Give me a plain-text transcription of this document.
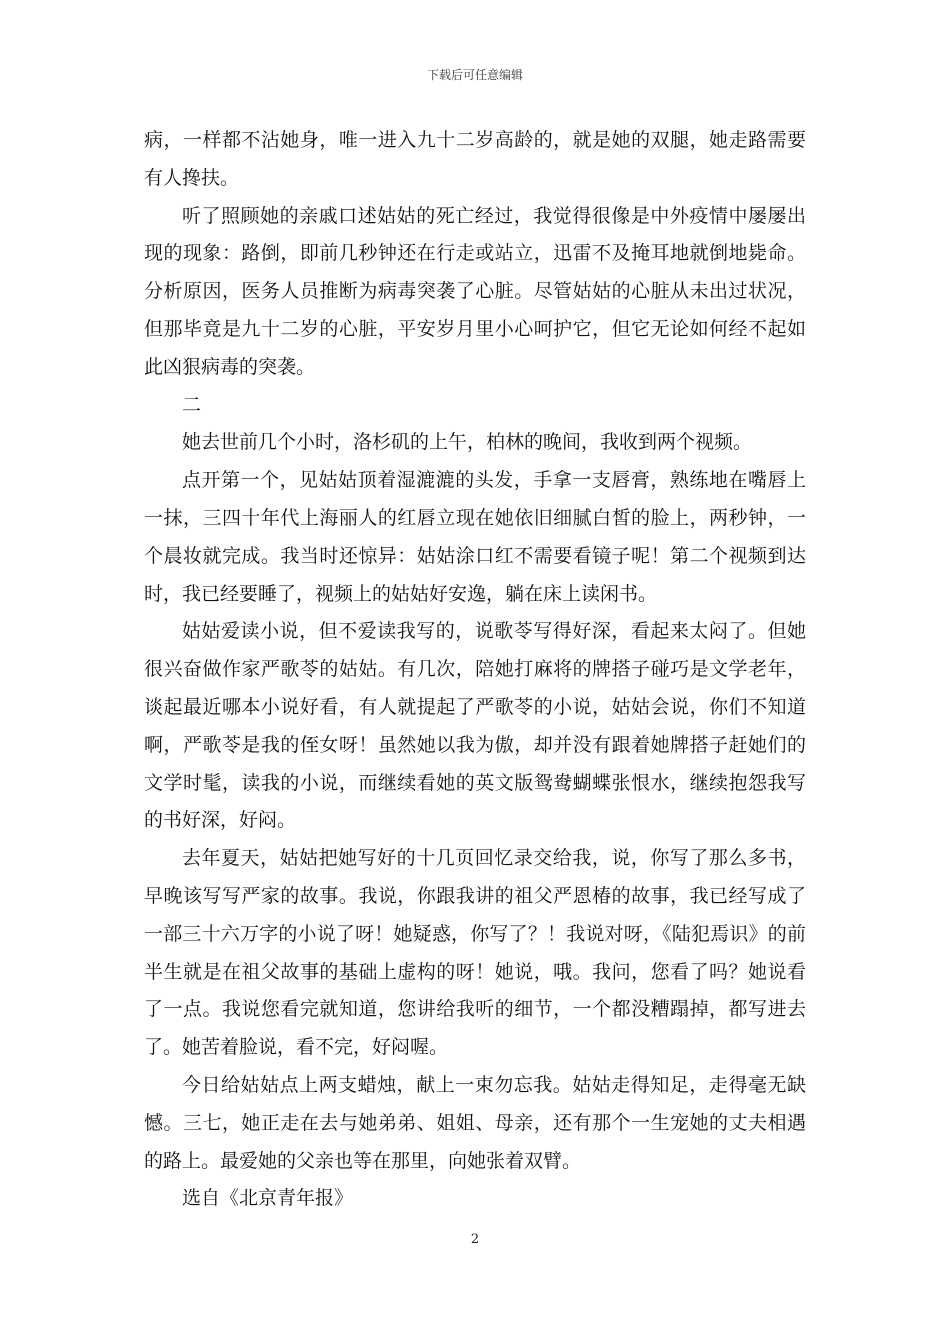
下载后可任意编辑

病，一样都不沾她身，唯一进入九十二岁高龄的，就是她的双腿，她走路需要有人搀扶。

听了照顾她的亲戚口述姑姑的死亡经过，我觉得很像是中外疫情中屡屡出现的现象：路倒，即前几秒钟还在行走或站立，迅雷不及掩耳地就倒地毙命。分析原因，医务人员推断为病毒突袭了心脏。尽管姑姑的心脏从未出过状况，但那毕竟是九十二岁的心脏，平安岁月里小心呵护它，但它无论如何经不起如此凶狠病毒的突袭。

二

她去世前几个小时，洛杉矶的上午，柏林的晚间，我收到两个视频。

点开第一个，见姑姑顶着湿漉漉的头发，手拿一支唇膏，熟练地在嘴唇上一抹，三四十年代上海丽人的红唇立现在她依旧细腻白皙的脸上，两秒钟，一个晨妆就完成。我当时还惊异：姑姑涂口红不需要看镜子呢！第二个视频到达时，我已经要睡了，视频上的姑姑好安逸，躺在床上读闲书。

姑姑爱读小说，但不爱读我写的，说歌苓写得好深，看起来太闷了。但她很兴奋做作家严歌苓的姑姑。有几次，陪她打麻将的牌搭子碰巧是文学老年，谈起最近哪本小说好看，有人就提起了严歌苓的小说，姑姑会说，你们不知道啊，严歌苓是我的侄女呀！虽然她以我为傲，却并没有跟着她牌搭子赶她们的文学时髦，读我的小说，而继续看她的英文版鸳鸯蝴蝶张恨水，继续抱怨我写的书好深，好闷。

去年夏天，姑姑把她写好的十几页回忆录交给我，说，你写了那么多书，早晚该写写严家的故事。我说，你跟我讲的祖父严恩椿的故事，我已经写成了一部三十六万字的小说了呀！她疑惑，你写了？！我说对呀，《陆犯焉识》的前半生就是在祖父故事的基础上虚构的呀！她说，哦。我问，您看了吗？她说看了一点。我说您看完就知道，您讲给我听的细节，一个都没糟蹋掉，都写进去了。她苦着脸说，看不完，好闷喔。

今日给姑姑点上两支蜡烛，献上一束勿忘我。姑姑走得知足，走得毫无缺憾。三七，她正走在去与她弟弟、姐姐、母亲，还有那个一生宠她的丈夫相遇的路上。最爱她的父亲也等在那里，向她张着双臂。

选自《北京青年报》

2
